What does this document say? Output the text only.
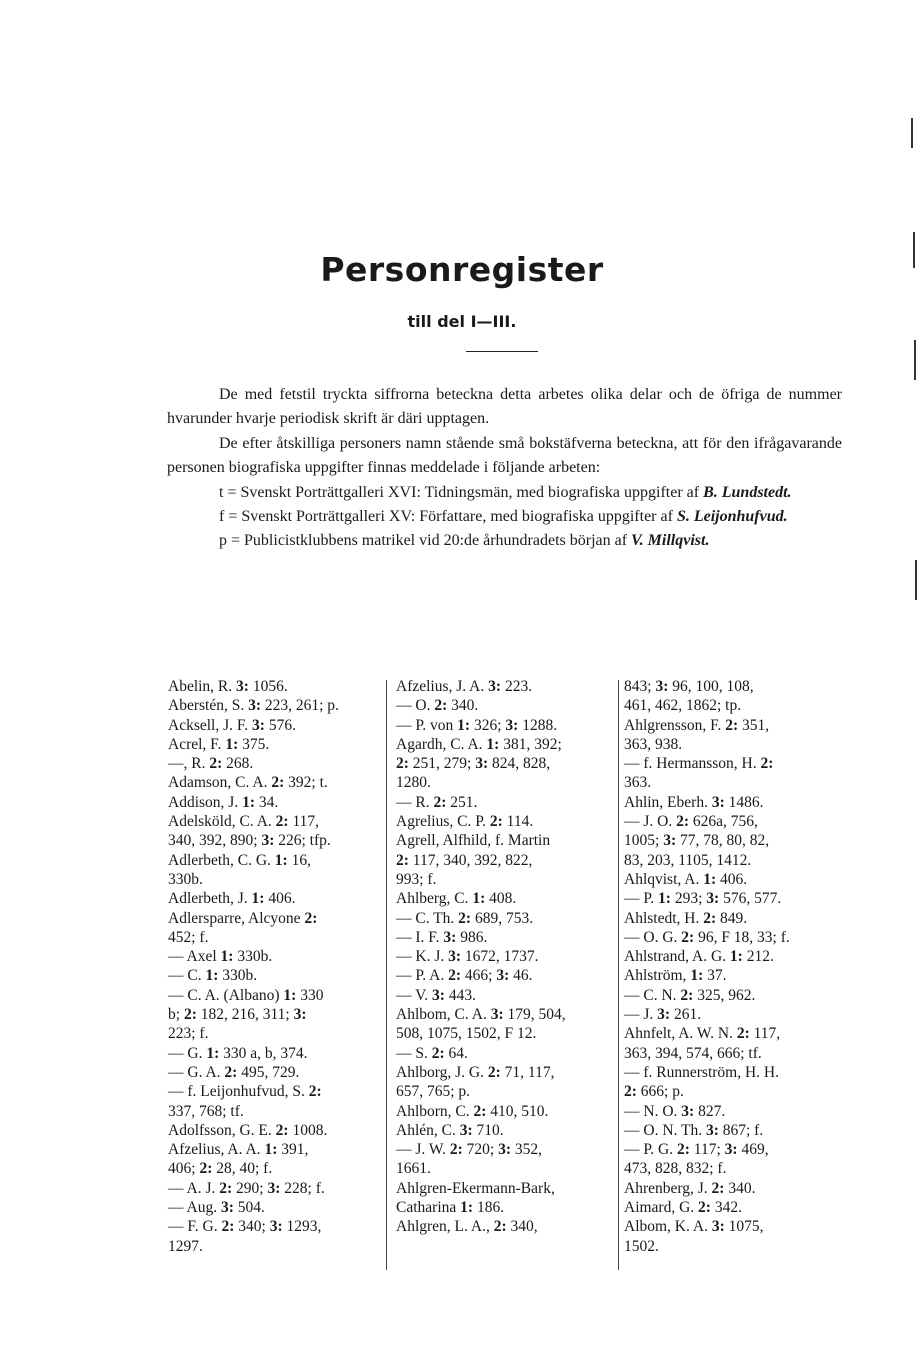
Personregister
till del I—III.

De med fetstil tryckta siffrorna beteckna detta arbetes olika delar och de öfriga de nummer hvarunder hvarje periodisk skrift är däri upptagen.

De efter åtskilliga personers namn stående små bokstäfverna beteckna, att för den ifrågavarande personen biografiska uppgifter finnas meddelade i följande arbeten:

t = Svenskt Porträttgalleri XVI: Tidningsmän, med biografiska uppgifter af B. Lundstedt.

f = Svenskt Porträttgalleri XV: Författare, med biografiska uppgifter af S. Leijonhufvud.

p = Publicistklubbens matrikel vid 20:de århundradets början af V. Millqvist.

Abelin, R. 3: 1056.
Aberstén, S. 3: 223, 261; p.
Acksell, J. F. 3: 576.
Acrel, F. 1: 375.
—, R. 2: 268.
Adamson, C. A. 2: 392; t.
Addison, J. 1: 34.
Adelsköld, C. A. 2: 117,
340, 392, 890; 3: 226; tfp.
Adlerbeth, C. G. 1: 16,
330b.
Adlerbeth, J. 1: 406.
Adlersparre, Alcyone 2:
452; f.
— Axel 1: 330b.
— C. 1: 330b.
— C. A. (Albano) 1: 330
b; 2: 182, 216, 311; 3:
223; f.
— G. 1: 330 a, b, 374.
— G. A. 2: 495, 729.
— f. Leijonhufvud, S. 2:
337, 768; tf.
Adolfsson, G. E. 2: 1008.
Afzelius, A. A. 1: 391,
406; 2: 28, 40; f.
— A. J. 2: 290; 3: 228; f.
— Aug. 3: 504.
— F. G. 2: 340; 3: 1293,
1297.
Afzelius, J. A. 3: 223.
— O. 2: 340.
— P. von 1: 326; 3: 1288.
Agardh, C. A. 1: 381, 392;
2: 251, 279; 3: 824, 828,
1280.
— R. 2: 251.
Agrelius, C. P. 2: 114.
Agrell, Alfhild, f. Martin
2: 117, 340, 392, 822,
993; f.
Ahlberg, C. 1: 408.
— C. Th. 2: 689, 753.
— I. F. 3: 986.
— K. J. 3: 1672, 1737.
— P. A. 2: 466; 3: 46.
— V. 3: 443.
Ahlbom, C. A. 3: 179, 504,
508, 1075, 1502, F 12.
— S. 2: 64.
Ahlborg, J. G. 2: 71, 117,
657, 765; p.
Ahlborn, C. 2: 410, 510.
Ahlén, C. 3: 710.
— J. W. 2: 720; 3: 352,
1661.
Ahlgren-Ekermann-Bark,
Catharina 1: 186.
Ahlgren, L. A., 2: 340,
843; 3: 96, 100, 108,
461, 462, 1862; tp.
Ahlgrensson, F. 2: 351,
363, 938.
— f. Hermansson, H. 2:
363.
Ahlin, Eberh. 3: 1486.
— J. O. 2: 626a, 756,
1005; 3: 77, 78, 80, 82,
83, 203, 1105, 1412.
Ahlqvist, A. 1: 406.
— P. 1: 293; 3: 576, 577.
Ahlstedt, H. 2: 849.
— O. G. 2: 96, F 18, 33; f.
Ahlstrand, A. G. 1: 212.
Ahlström, 1: 37.
— C. N. 2: 325, 962.
— J. 3: 261.
Ahnfelt, A. W. N. 2: 117,
363, 394, 574, 666; tf.
— f. Runnerström, H. H.
2: 666; p.
— N. O. 3: 827.
— O. N. Th. 3: 867; f.
— P. G. 2: 117; 3: 469,
473, 828, 832; f.
Ahrenberg, J. 2: 340.
Aimard, G. 2: 342.
Albom, K. A. 3: 1075,
1502.
